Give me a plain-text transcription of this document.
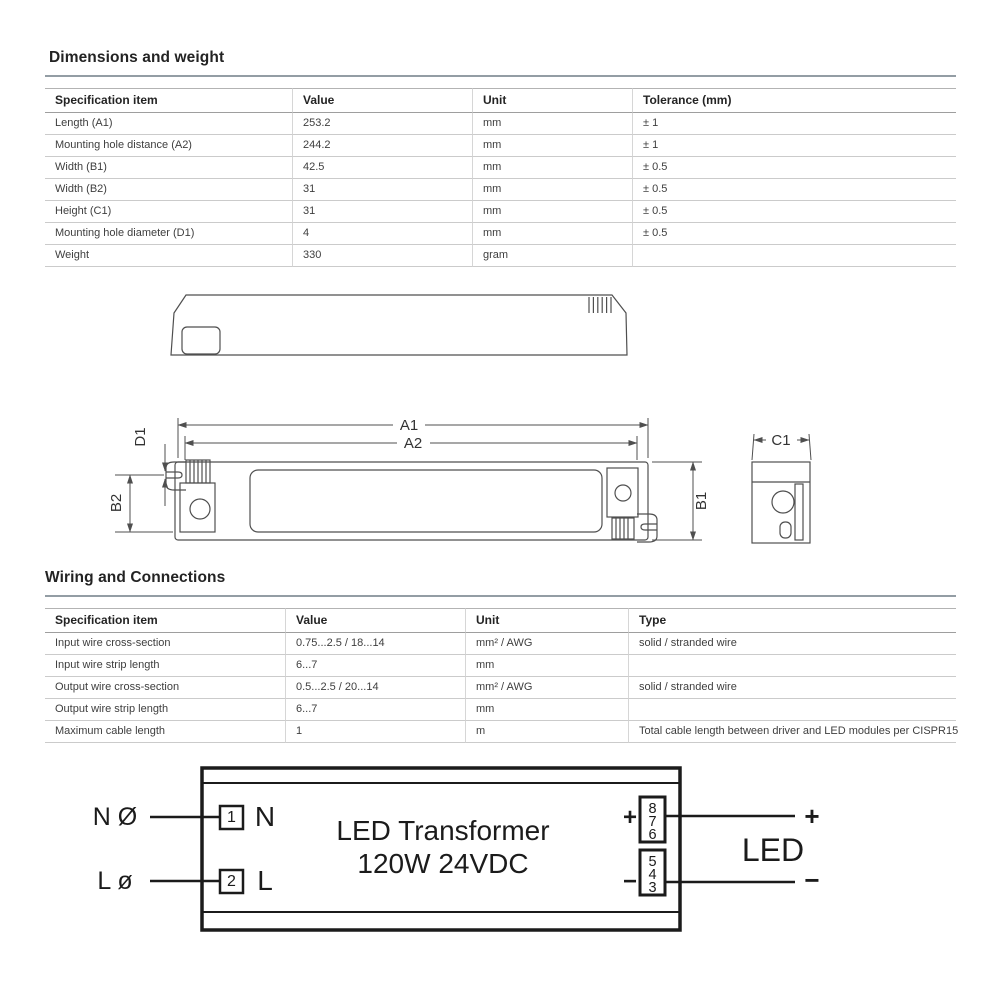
Dimensions and weight
Specification item	Value	Unit	Tolerance (mm)
Length (A1)	253.2	mm	± 1
Mounting hole distance (A2)	244.2	mm	± 1
Width (B1)	42.5	mm	± 0.5
Width (B2)	31	mm	± 0.5
Height (C1)	31	mm	± 0.5
Mounting hole diameter (D1)	4	mm	± 0.5
Weight	330	gram
A1
A2
D1
B2	B1
C1
Wiring and Connections
Specification item	Value	Unit	Type
Input wire cross-section	0.75...2.5 / 18...14	mm² / AWG	solid / stranded wire
Input wire strip length	6...7	mm
Output wire cross-section	0.5...2.5 / 20...14	mm² / AWG	solid / stranded wire
Output wire strip length	6...7	mm
Maximum cable length	1	m	Total cable length between driver and LED modules per CISPR15
N Ø	1 N
L ø	2 L
LED Transformer
120W 24VDC
+ 8
7
6
−
5
4
3
+
LED
−
